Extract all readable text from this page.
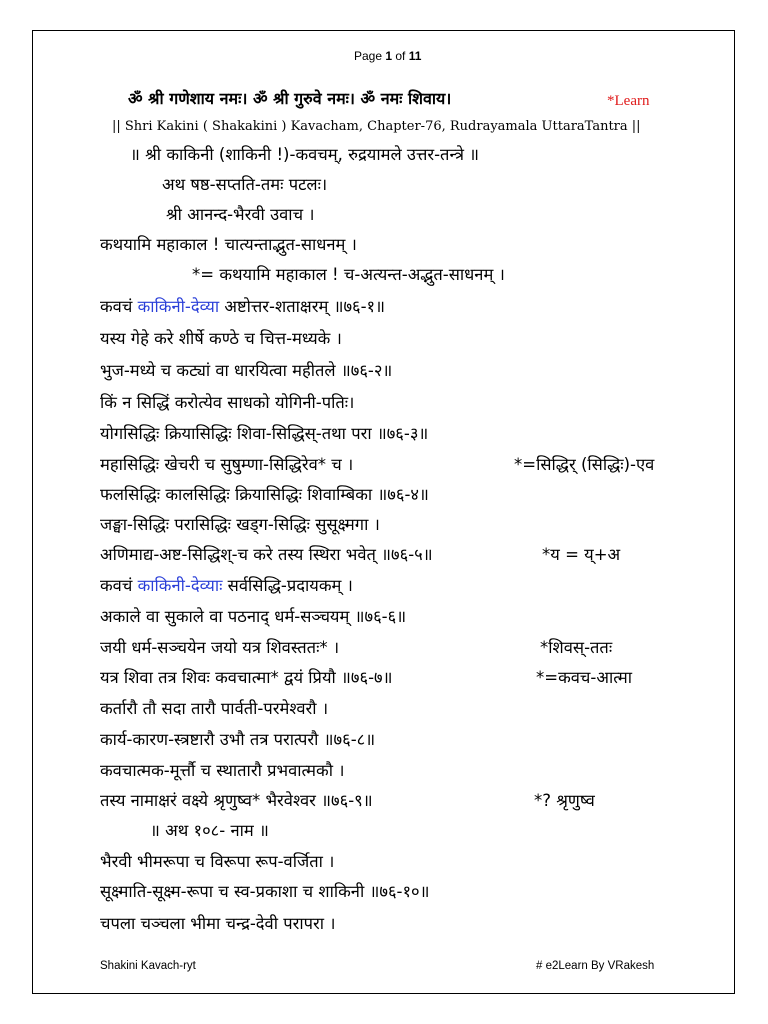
Page 1 of 11
ॐ श्री गणेशाय नमः। ॐ श्री गुरुवे नमः। ॐ नमः शिवाय।	*Learn
|| Shri Kakini ( Shakakini ) Kavacham, Chapter-76, Rudrayamala UttaraTantra ||
॥ श्री काकिनी (शाकिनी !)-कवचम्, रुद्रयामले उत्तर-तन्त्रे ॥
अथ षष्ठ-सप्तति-तमः पटलः।
श्री आनन्द-भैरवी उवाच ।
कथयामि महाकाल ! चात्यन्ताद्भुत-साधनम् ।
*= कथयामि महाकाल ! च-अत्यन्त-अद्भुत-साधनम् ।
कवचं काकिनी-देव्या अष्टोत्तर-शताक्षरम् ॥७६-१॥
यस्य गेहे करे शीर्षे कण्ठे च चित्त-मध्यके ।
भुज-मध्ये च कट्यां वा धारयित्वा महीतले ॥७६-२॥
किं न सिद्धिं करोत्येव साधको योगिनी-पतिः।
योगसिद्धिः क्रियासिद्धिः शिवा-सिद्धिस्-तथा परा ॥७६-३॥
महासिद्धिः खेचरी च सुषुम्णा-सिद्धिरेव* च ।	*=सिद्धिर् (सिद्धिः)-एव
फलसिद्धिः कालसिद्धिः क्रियासिद्धिः शिवाम्बिका ॥७६-४॥
जङ्घा-सिद्धिः परासिद्धिः खड्ग-सिद्धिः सुसूक्ष्मगा ।
अणिमाद्य-अष्ट-सिद्धिश्-च करे तस्य स्थिरा भवेत् ॥७६-५॥	*य = य्+अ
कवचं काकिनी-देव्याः सर्वसिद्धि-प्रदायकम् ।
अकाले वा सुकाले वा पठनाद् धर्म-सञ्चयम् ॥७६-६॥
जयी धर्म-सञ्चयेन जयो यत्र शिवस्ततः* ।	*शिवस्-ततः
यत्र शिवा तत्र शिवः कवचात्मा* द्वयं प्रियौ ॥७६-७॥	*=कवच-आत्मा
कर्तारौ तौ सदा तारौ पार्वती-परमेश्वरौ ।
कार्य-कारण-स्त्रष्टारौ उभौ तत्र परात्परौ ॥७६-८॥
कवचात्मक-मूर्त्तौ च स्थातारौ प्रभवात्मकौ ।
तस्य नामाक्षरं वक्ष्ये श्रृणुष्व* भैरवेश्वर ॥७६-९॥	*? श्रृणुष्व
॥ अथ १०८- नाम ॥
भैरवी भीमरूपा च विरूपा रूप-वर्जिता ।
सूक्ष्माति-सूक्ष्म-रूपा च स्व-प्रकाशा च शाकिनी ॥७६-१०॥
चपला चञ्चला भीमा चन्द्र-देवी परापरा ।
Shakini Kavach-ryt	# e2Learn By VRakesh
